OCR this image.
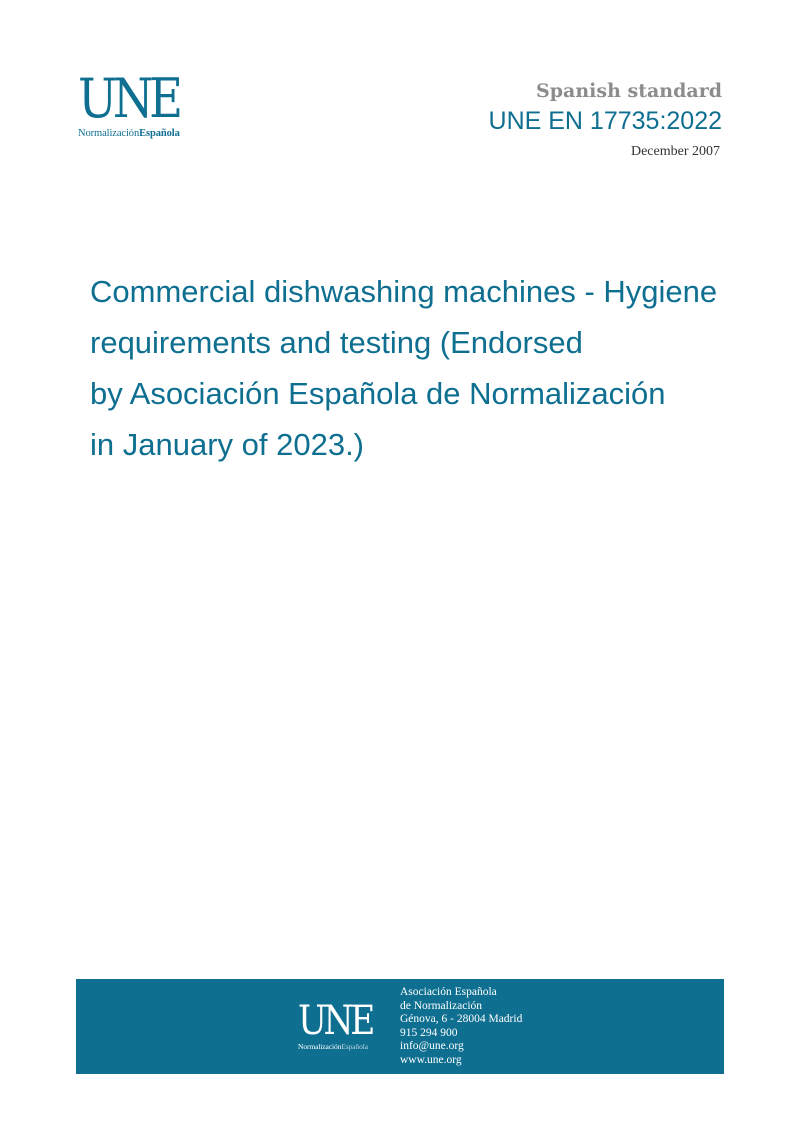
UNE
NormalizaciónEspañola
Spanish standard
UNE EN 17735:2022
December 2007
Commercial dishwashing machines - Hygiene
requirements and testing (Endorsed
by Asociación Española de Normalización
in January of 2023.)
UNE
NormalizaciónEspañola
Asociación Española
de Normalización
Génova, 6 - 28004 Madrid
915 294 900
info@une.org
www.une.org
